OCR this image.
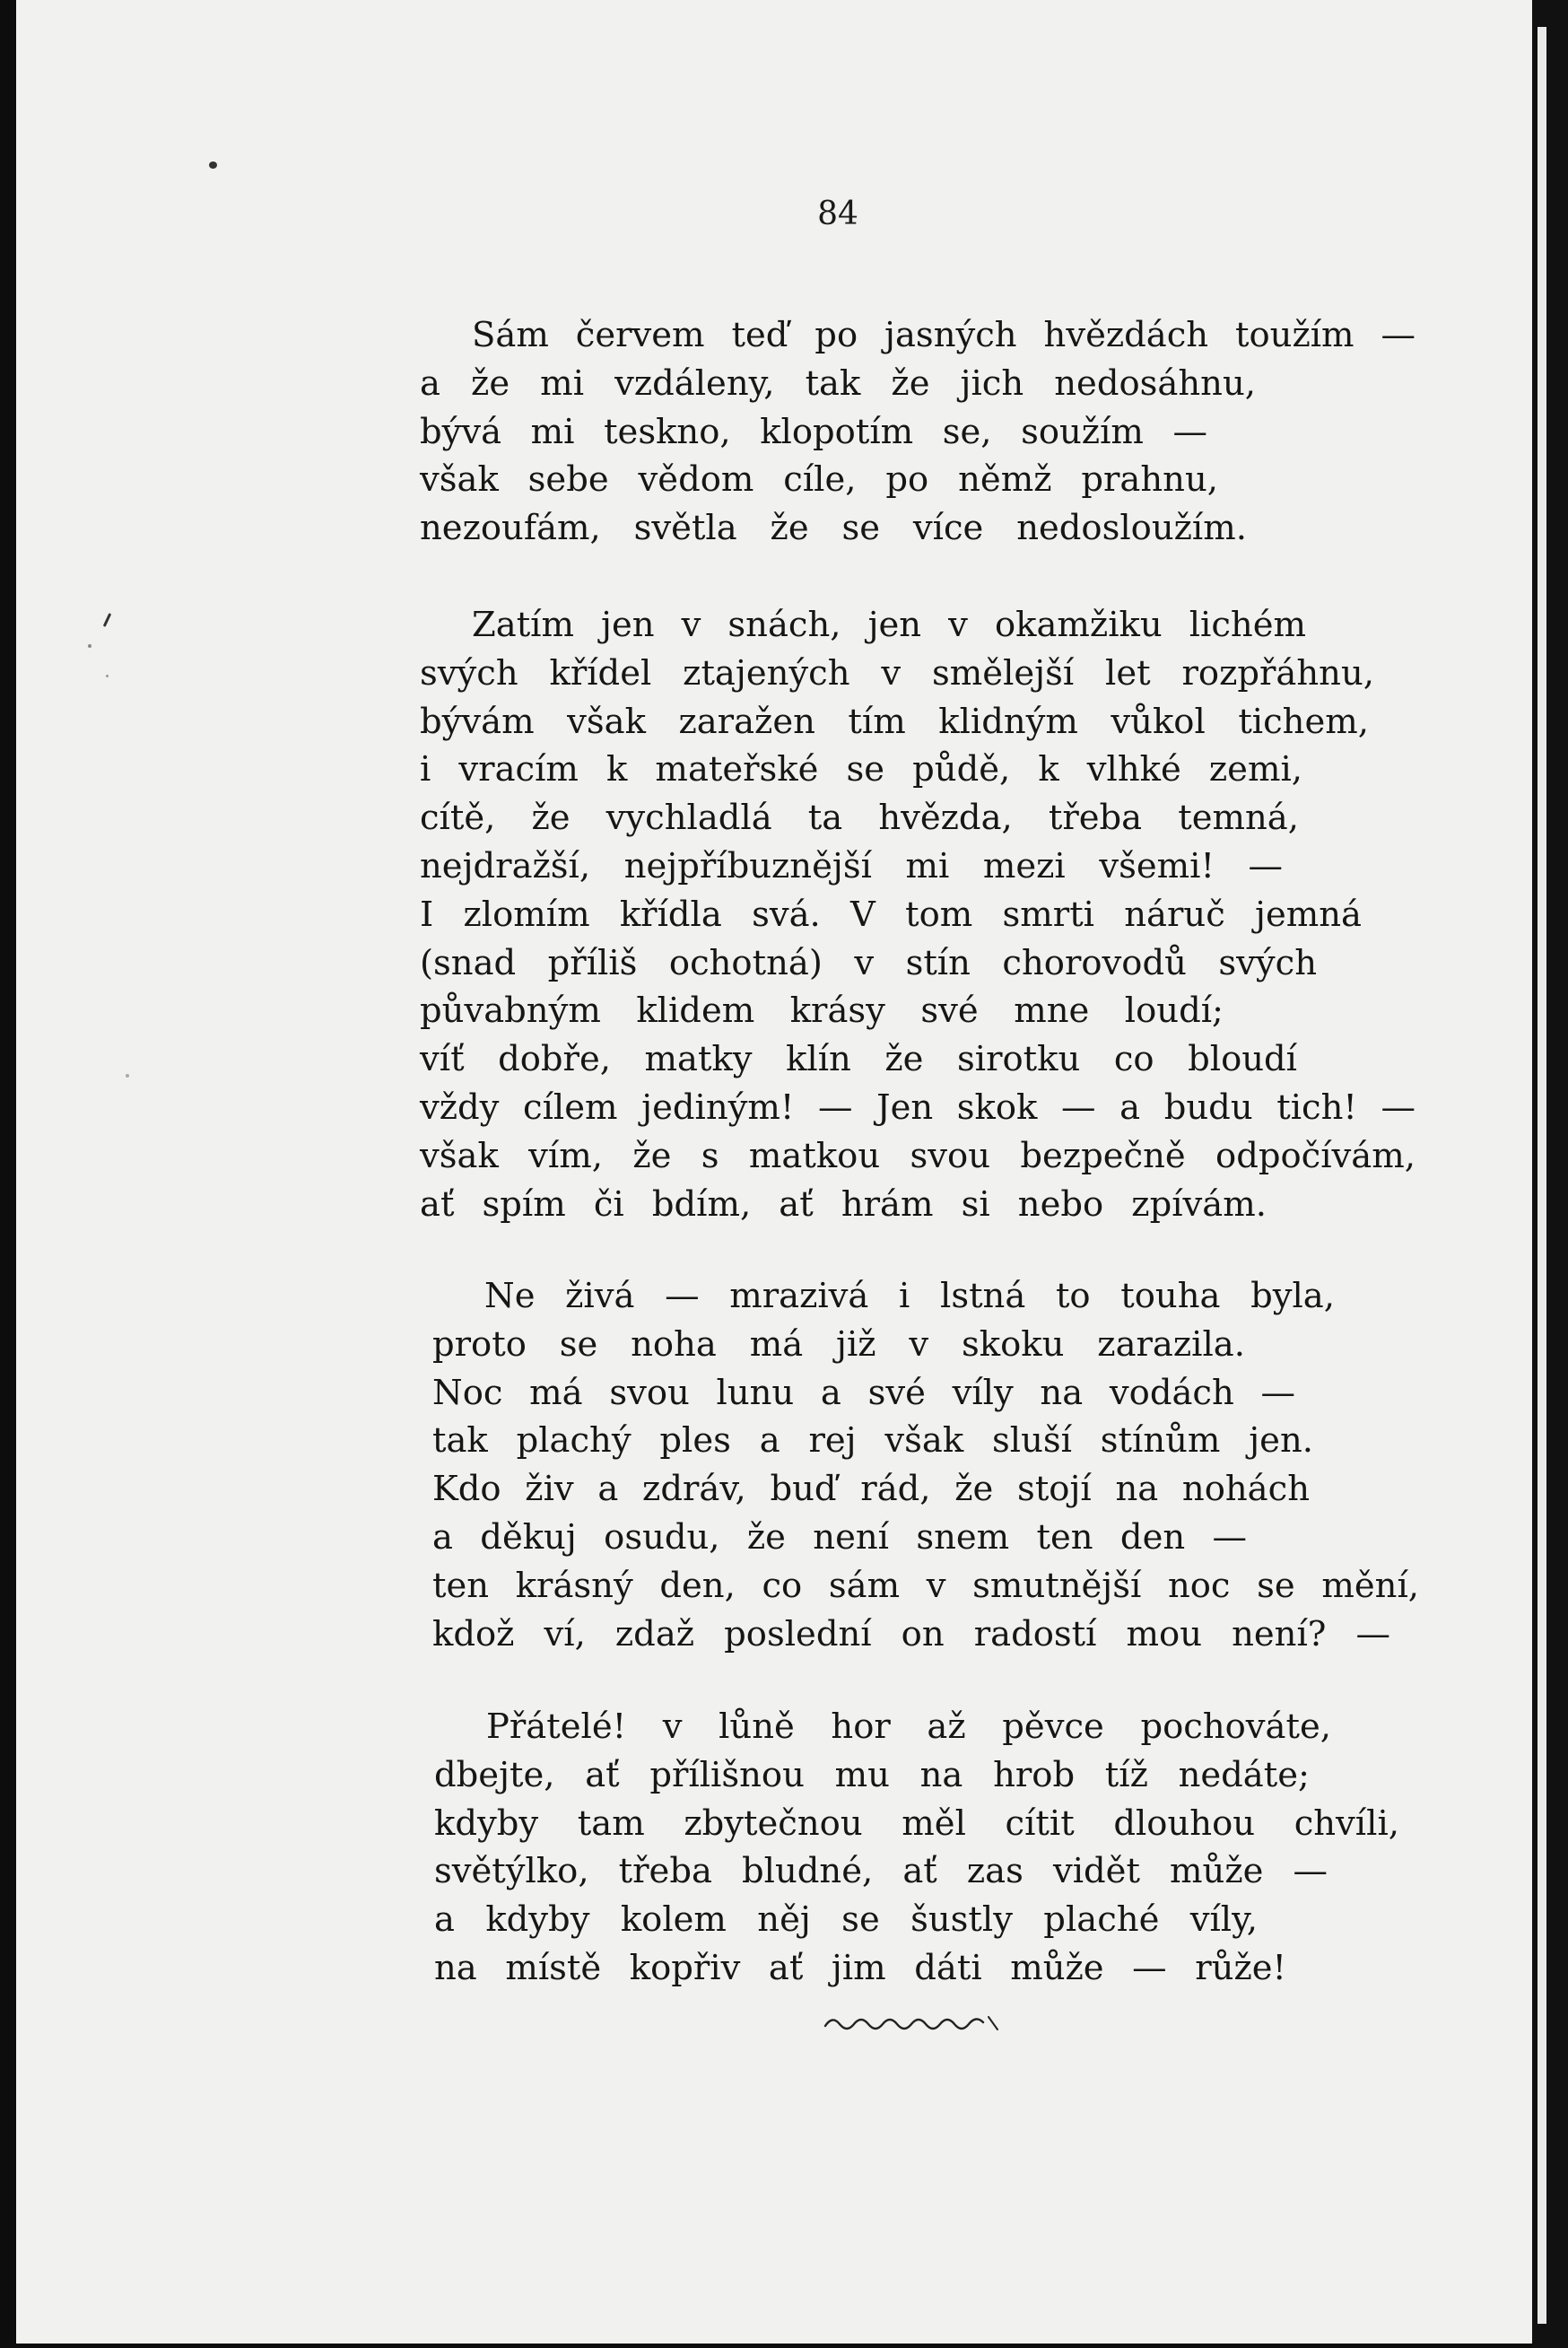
84
Sám červem teď po jasných hvězdách toužím —
a že mi vzdáleny, tak že jich nedosáhnu,
bývá mi teskno, klopotím se, soužím —
však sebe vědom cíle, po němž prahnu,
nezoufám, světla že se více nedosloužím.
Zatím jen v snách, jen v okamžiku lichém
svých křídel ztajených v smělejší let rozpřáhnu,
bývám však zaražen tím klidným vůkol tichem,
i vracím k mateřské se půdě, k vlhké zemi,
cítě, že vychladlá ta hvězda, třeba temná,
nejdražší, nejpříbuznější mi mezi všemi! —
I zlomím křídla svá. V tom smrti náruč jemná
(snad příliš ochotná) v stín chorovodů svých
půvabným klidem krásy své mne loudí;
víť dobře, matky klín že sirotku co bloudí
vždy cílem jediným! — Jen skok — a budu tich! —
však vím, že s matkou svou bezpečně odpočívám,
ať spím či bdím, ať hrám si nebo zpívám.
Ne živá — mrazivá i lstná to touha byla,
proto se noha má již v skoku zarazila.
Noc má svou lunu a své víly na vodách —
tak plachý ples a rej však sluší stínům jen.
Kdo živ a zdráv, buď rád, že stojí na nohách
a děkuj osudu, že není snem ten den —
ten krásný den, co sám v smutnější noc se mění,
kdož ví, zdaž poslední on radostí mou není? —
Přátelé! v lůně hor až pěvce pochováte,
dbejte, ať přílišnou mu na hrob tíž nedáte;
kdyby tam zbytečnou měl cítit dlouhou chvíli,
světýlko, třeba bludné, ať zas vidět může —
a kdyby kolem něj se šustly plaché víly,
na místě kopřiv ať jim dáti může — růže!
